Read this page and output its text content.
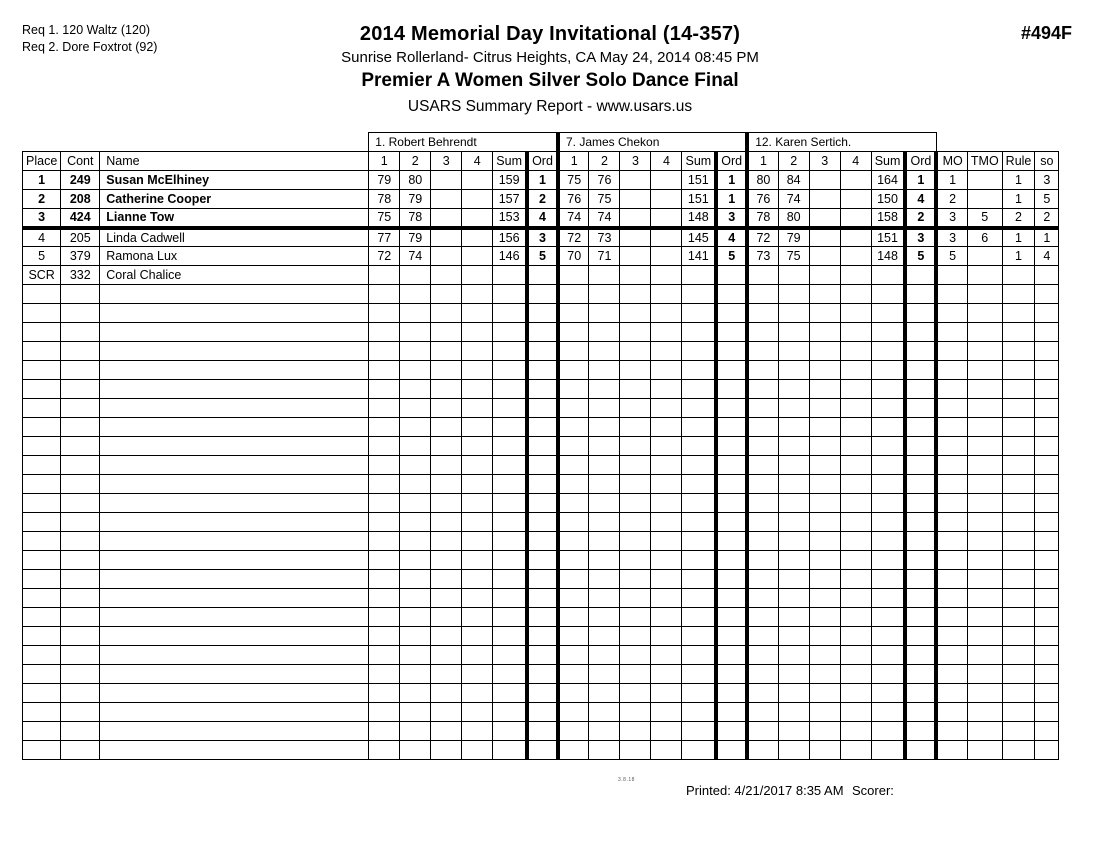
Req 1. 120 Waltz (120)
Req 2. Dore Foxtrot (92)
2014 Memorial Day Invitational (14-357)
Sunrise Rollerland- Citrus Heights, CA May 24, 2014 08:45 PM
Premier A Women Silver Solo Dance Final
USARS Summary Report - www.usars.us
#494F
			1. Robert Behrendt						7. James Chekon						12. Karen Sertich.									
Place	Cont	Name	1	2	3	4	Sum	Ord	1	2	3	4	Sum	Ord	1	2	3	4	Sum	Ord	MO	TMO	Rule	so
1	249	Susan McElhiney	79	80			159	1	75	76			151	1	80	84			164	1	1		1	3
2	208	Catherine Cooper	78	79			157	2	76	75			151	1	76	74			150	4	2		1	5
3	424	Lianne Tow	75	78			153	4	74	74			148	3	78	80			158	2	3	5	2	2
4	205	Linda Cadwell	77	79			156	3	72	73			145	4	72	79			151	3	3	6	1	1
5	379	Ramona Lux	72	74			146	5	70	71			141	5	73	75			148	5	5		1	4
SCR	332	Coral Chalice																						

3.8.18
Printed: 4/21/2017 8:35 AM Scorer:
